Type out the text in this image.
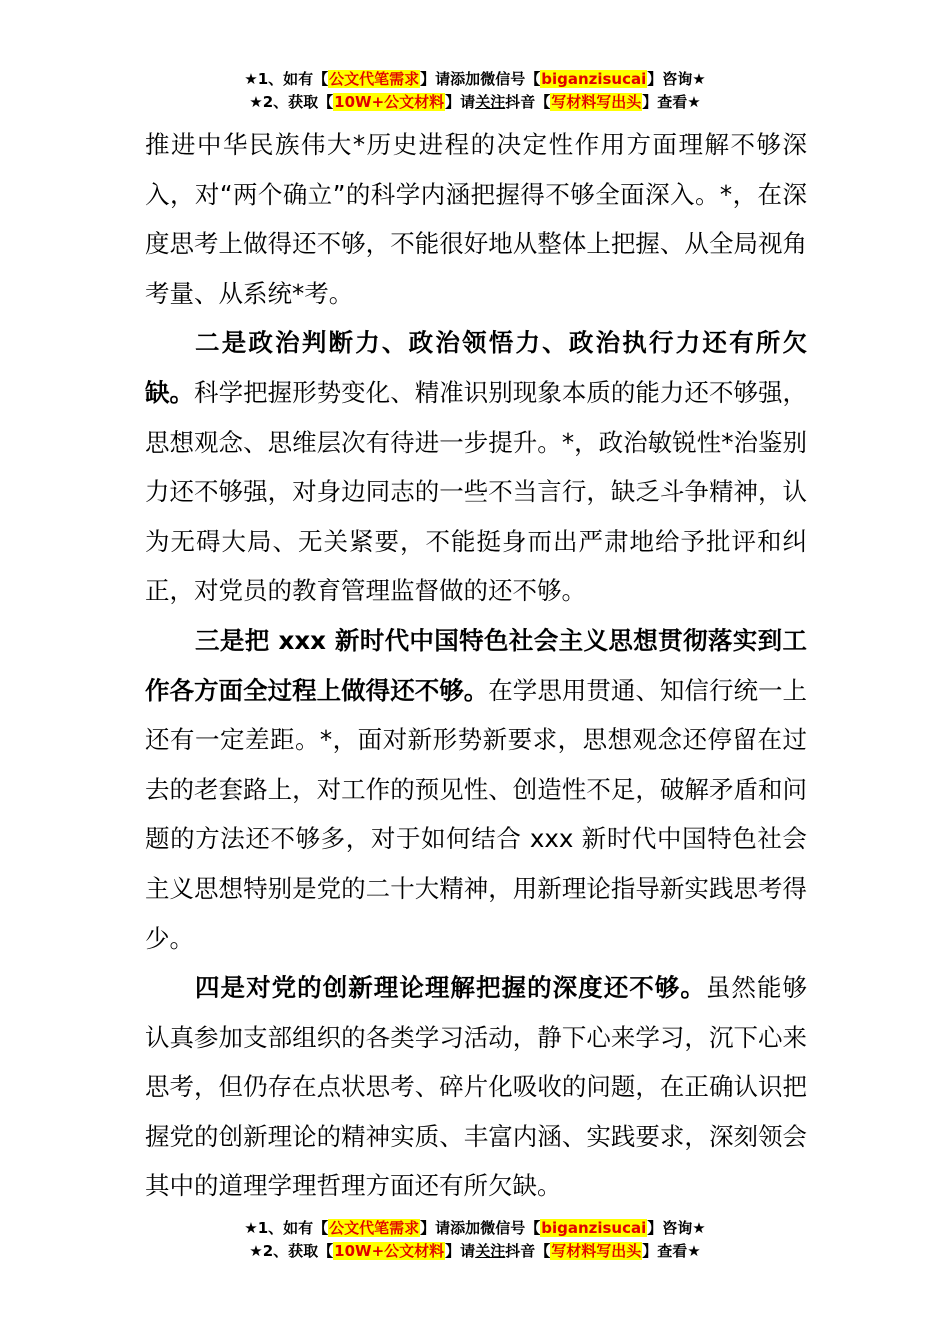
★1、如有【公文代笔需求】请添加微信号【biganzisucai】咨询★
★2、获取【10W+公文材料】请关注抖音【写材料写出头】查看★

推进中华民族伟大*历史进程的决定性作用方面理解不够深入，对“两个确立”的科学内涵把握得不够全面深入。*，在深度思考上做得还不够，不能很好地从整体上把握、从全局视角考量、从系统*考。

二是政治判断力、政治领悟力、政治执行力还有所欠缺。科学把握形势变化、精准识别现象本质的能力还不够强，思想观念、思维层次有待进一步提升。*，政治敏锐性*治鉴别力还不够强，对身边同志的一些不当言行，缺乏斗争精神，认为无碍大局、无关紧要，不能挺身而出严肃地给予批评和纠正，对党员的教育管理监督做的还不够。

三是把 xxx 新时代中国特色社会主义思想贯彻落实到工作各方面全过程上做得还不够。在学思用贯通、知信行统一上还有一定差距。*，面对新形势新要求，思想观念还停留在过去的老套路上，对工作的预见性、创造性不足，破解矛盾和问题的方法还不够多，对于如何结合 xxx 新时代中国特色社会主义思想特别是党的二十大精神，用新理论指导新实践思考得少。

四是对党的创新理论理解把握的深度还不够。虽然能够认真参加支部组织的各类学习活动，静下心来学习，沉下心来思考，但仍存在点状思考、碎片化吸收的问题，在正确认识把握党的创新理论的精神实质、丰富内涵、实践要求，深刻领会其中的道理学理哲理方面还有所欠缺。

★1、如有【公文代笔需求】请添加微信号【biganzisucai】咨询★
★2、获取【10W+公文材料】请关注抖音【写材料写出头】查看★
